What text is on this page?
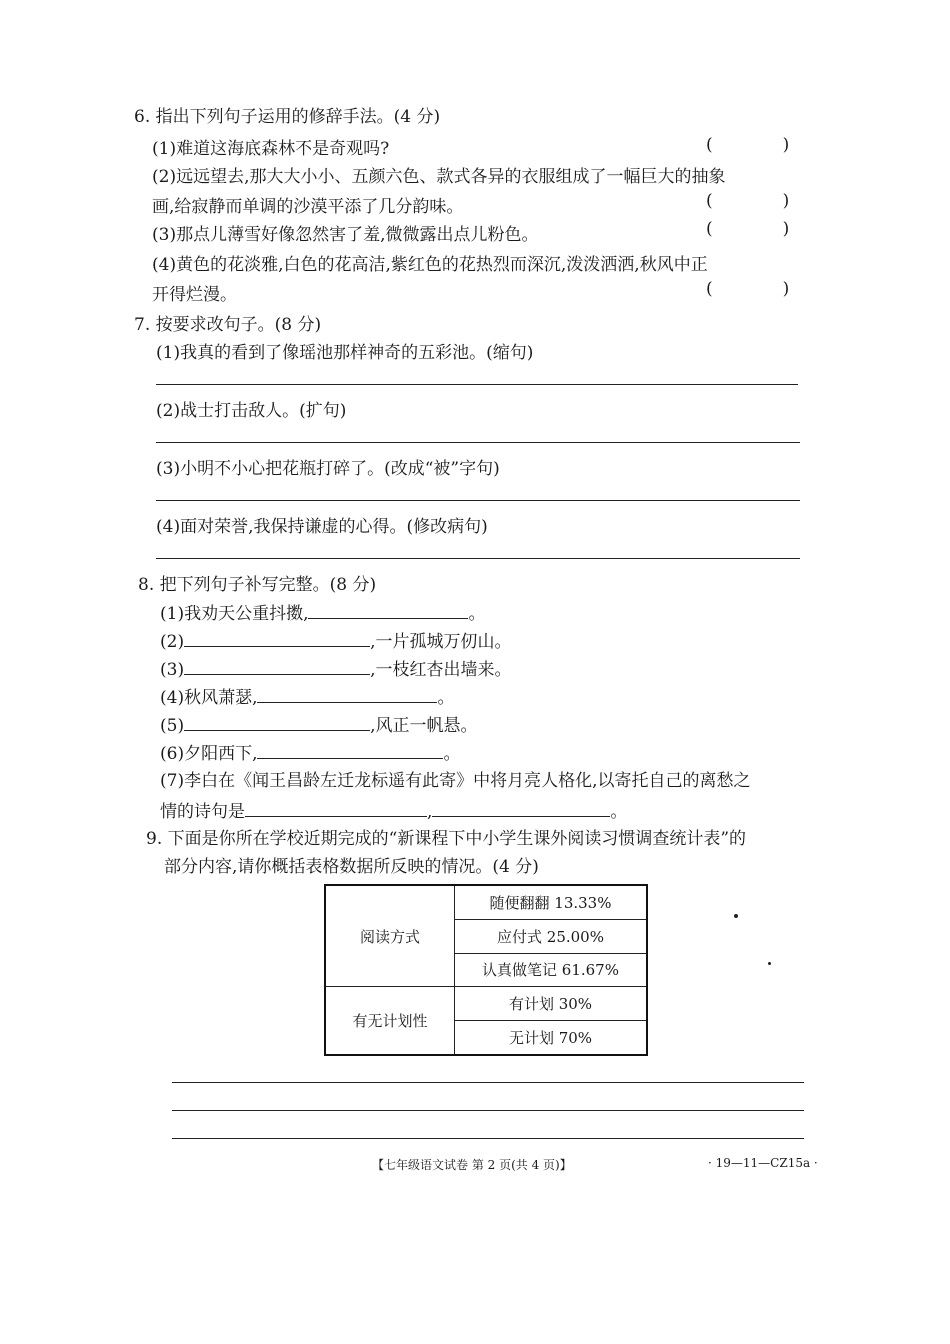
6. 指出下列句子运用的修辞手法。(4 分)
(1)难道这海底森林不是奇观吗?	(	)
(2)远远望去,那大大小小、五颜六色、款式各异的衣服组成了一幅巨大的抽象
画,给寂静而单调的沙漠平添了几分韵味。	(	)
(3)那点儿薄雪好像忽然害了羞,微微露出点儿粉色。	(	)
(4)黄色的花淡雅,白色的花高洁,紫红色的花热烈而深沉,泼泼洒洒,秋风中正
开得烂漫。	(	)
7. 按要求改句子。(8 分)
(1)我真的看到了像瑶池那样神奇的五彩池。(缩句)
(2)战士打击敌人。(扩句)
(3)小明不小心把花瓶打碎了。(改成“被”字句)
(4)面对荣誉,我保持谦虚的心得。(修改病句)
8. 把下列句子补写完整。(8 分)
(1)我劝天公重抖擞,	。
(2)	,一片孤城万仞山。
(3)	,一枝红杏出墙来。
(4)秋风萧瑟,	。
(5)	,风正一帆悬。
(6)夕阳西下,	。
(7)李白在《闻王昌龄左迁龙标遥有此寄》中将月亮人格化,以寄托自己的离愁之
情的诗句是	,	。
9. 下面是你所在学校近期完成的“新课程下中小学生课外阅读习惯调查统计表”的
部分内容,请你概括表格数据所反映的情况。(4 分)
阅读方式	随便翻翻 13.33%
	应付式 25.00%
	认真做笔记 61.67%
有无计划性	有计划 30%
	无计划 70%
【七年级语文试卷 第 2 页(共 4 页)】	· 19—11—CZ15a ·
